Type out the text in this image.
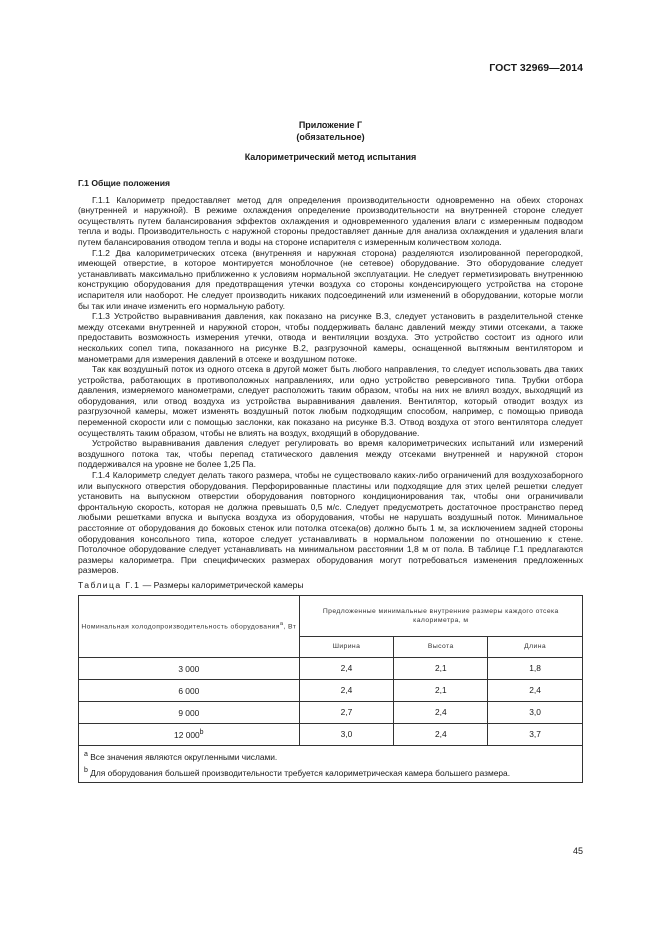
ГОСТ 32969—2014
Приложение Г
(обязательное)
Калориметрический метод испытания
Г.1 Общие положения

Г.1.1 Калориметр предоставляет метод для определения производительности одновременно на обеих сторонах (внутренней и наружной). В режиме охлаждения определение производительности на внутренней стороне следует осуществлять путем балансирования эффектов охлаждения и одновременного удаления влаги с измеренным подводом тепла и воды. Производительность с наружной стороны предоставляет данные для анализа охлаждения и удаления влаги путем балансирования отводом тепла и воды на стороне испарителя с измеренным количеством холода.

Г.1.2 Два калориметрических отсека (внутренняя и наружная сторона) разделяются изолированной перегородкой, имеющей отверстие, в которое монтируется моноблочное (не сетевое) оборудование. Это оборудование следует устанавливать максимально приближенно к условиям нормальной эксплуатации. Не следует герметизировать внутреннюю конструкцию оборудования для предотвращения утечки воздуха со стороны конденсирующего устройства на стороне испарителя или наоборот. Не следует производить никаких подсоединений или изменений в оборудовании, которые могли бы так или иначе изменить его нормальную работу.

Г.1.3 Устройство выравнивания давления, как показано на рисунке В.3, следует установить в разделительной стенке между отсеками внутренней и наружной сторон, чтобы поддерживать баланс давлений между этими отсеками, а также предоставить возможность измерения утечки, отвода и вентиляции воздуха. Это устройство состоит из одного или нескольких сопел типа, показанного на рисунке В.2, разгрузочной камеры, оснащенной вытяжным вентилятором и манометрами для измерения давлений в отсеке и воздушном потоке.

Так как воздушный поток из одного отсека в другой может быть любого направления, то следует использовать два таких устройства, работающих в противоположных направлениях, или одно устройство реверсивного типа. Трубки отбора давления, измеряемого манометрами, следует расположить таким образом, чтобы на них не влиял воздух, выходящий из оборудования, или отвод воздуха из устройства выравнивания давления. Вентилятор, который отводит воздух из разгрузочной камеры, может изменять воздушный поток любым подходящим способом, например, с помощью привода переменной скорости или с помощью заслонки, как показано на рисунке В.3. Отвод воздуха от этого вентилятора следует осуществлять таким образом, чтобы не влиять на воздух, входящий в оборудование.

Устройство выравнивания давления следует регулировать во время калориметрических испытаний или измерений воздушного потока так, чтобы перепад статического давления между отсеками внутренней и наружной сторон поддерживался на уровне не более 1,25 Па.

Г.1.4 Калориметр следует делать такого размера, чтобы не существовало каких-либо ограничений для воздухозаборного или выпускного отверстия оборудования. Перфорированные пластины или подходящие для этих целей решетки следует установить на выпускном отверстии оборудования повторного кондиционирования так, чтобы они ограничивали фронтальную скорость, которая не должна превышать 0,5 м/с. Следует предусмотреть достаточное пространство перед любыми решетками впуска и выпуска воздуха из оборудования, чтобы не нарушать воздушный поток. Минимальное расстояние от оборудования до боковых стенок или потолка отсека(ов) должно быть 1 м, за исключением задней стороны оборудования консольного типа, которое следует устанавливать в нормальном положении по отношению к стене. Потолочное оборудование следует устанавливать на минимальном расстоянии 1,8 м от пола. В таблице Г.1 предлагаются размеры калориметра. При специфических размерах оборудования могут потребоваться изменения предложенных размеров.

Таблица Г.1 — Размеры калориметрической камеры
Номинальная холодопроизводительность оборудования$^а$, Вт	Предложенные минимальные внутренние размеры каждого отсека калориметра, м		
	Ширина	Высота	Длина
3 000	2,4	2,1	1,8
6 000	2,4	2,1	2,4
9 000	2,7	2,4	3,0
12 000$^b$	3,0	2,4	3,7
$^а$ Все значения являются округленными числами.			
$^b$ Для оборудования большей производительности требуется калориметрическая камера большего размера.			
45
